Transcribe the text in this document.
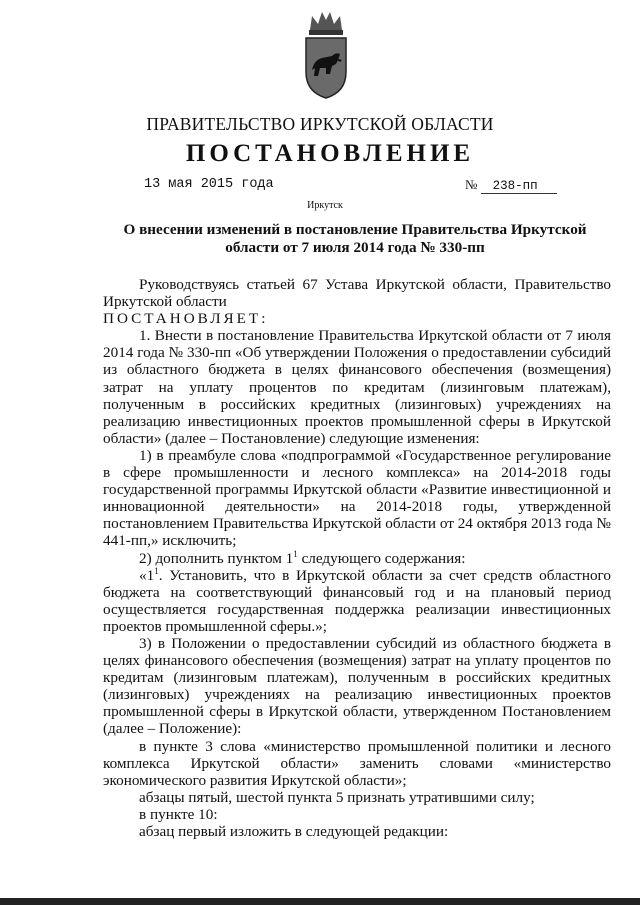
ПРАВИТЕЛЬСТВО ИРКУТСКОЙ ОБЛАСТИ
ПОСТАНОВЛЕНИЕ
13 мая 2015 года	№ 238-пп
Иркутск
О внесении изменений в постановление Правительства Иркутской
области от 7 июля 2014 года № 330-пп

Руководствуясь статьей 67 Устава Иркутской области, Правительство Иркутской области

ПОСТАНОВЛЯЕТ:

1. Внести в постановление Правительства Иркутской области от 7 июля 2014 года № 330-пп «Об утверждении Положения о предоставлении субсидий из областного бюджета в целях финансового обеспечения (возмещения) затрат на уплату процентов по кредитам (лизинговым платежам), полученным в российских кредитных (лизинговых) учреждениях на реализацию инвестиционных проектов промышленной сферы в Иркутской области» (далее – Постановление) следующие изменения:

1) в преамбуле слова «подпрограммой «Государственное регулирование в сфере промышленности и лесного комплекса» на 2014-2018 годы государственной программы Иркутской области «Развитие инвестиционной и инновационной деятельности» на 2014-2018 годы, утвержденной постановлением Правительства Иркутской области от 24 октября 2013 года № 441-пп,» исключить;

2) дополнить пунктом $1^1$ следующего содержания:

«$1^1$. Установить, что в Иркутской области за счет средств областного бюджета на соответствующий финансовый год и на плановый период осуществляется государственная поддержка реализации инвестиционных проектов промышленной сферы.»;

3) в Положении о предоставлении субсидий из областного бюджета в целях финансового обеспечения (возмещения) затрат на уплату процентов по кредитам (лизинговым платежам), полученным в российских кредитных (лизинговых) учреждениях на реализацию инвестиционных проектов промышленной сферы в Иркутской области, утвержденном Постановлением (далее – Положение):

в пункте 3 слова «министерство промышленной политики и лесного комплекса Иркутской области» заменить словами «министерство экономического развития Иркутской области»;

абзацы пятый, шестой пункта 5 признать утратившими силу;

в пункте 10:

абзац первый изложить в следующей редакции:
